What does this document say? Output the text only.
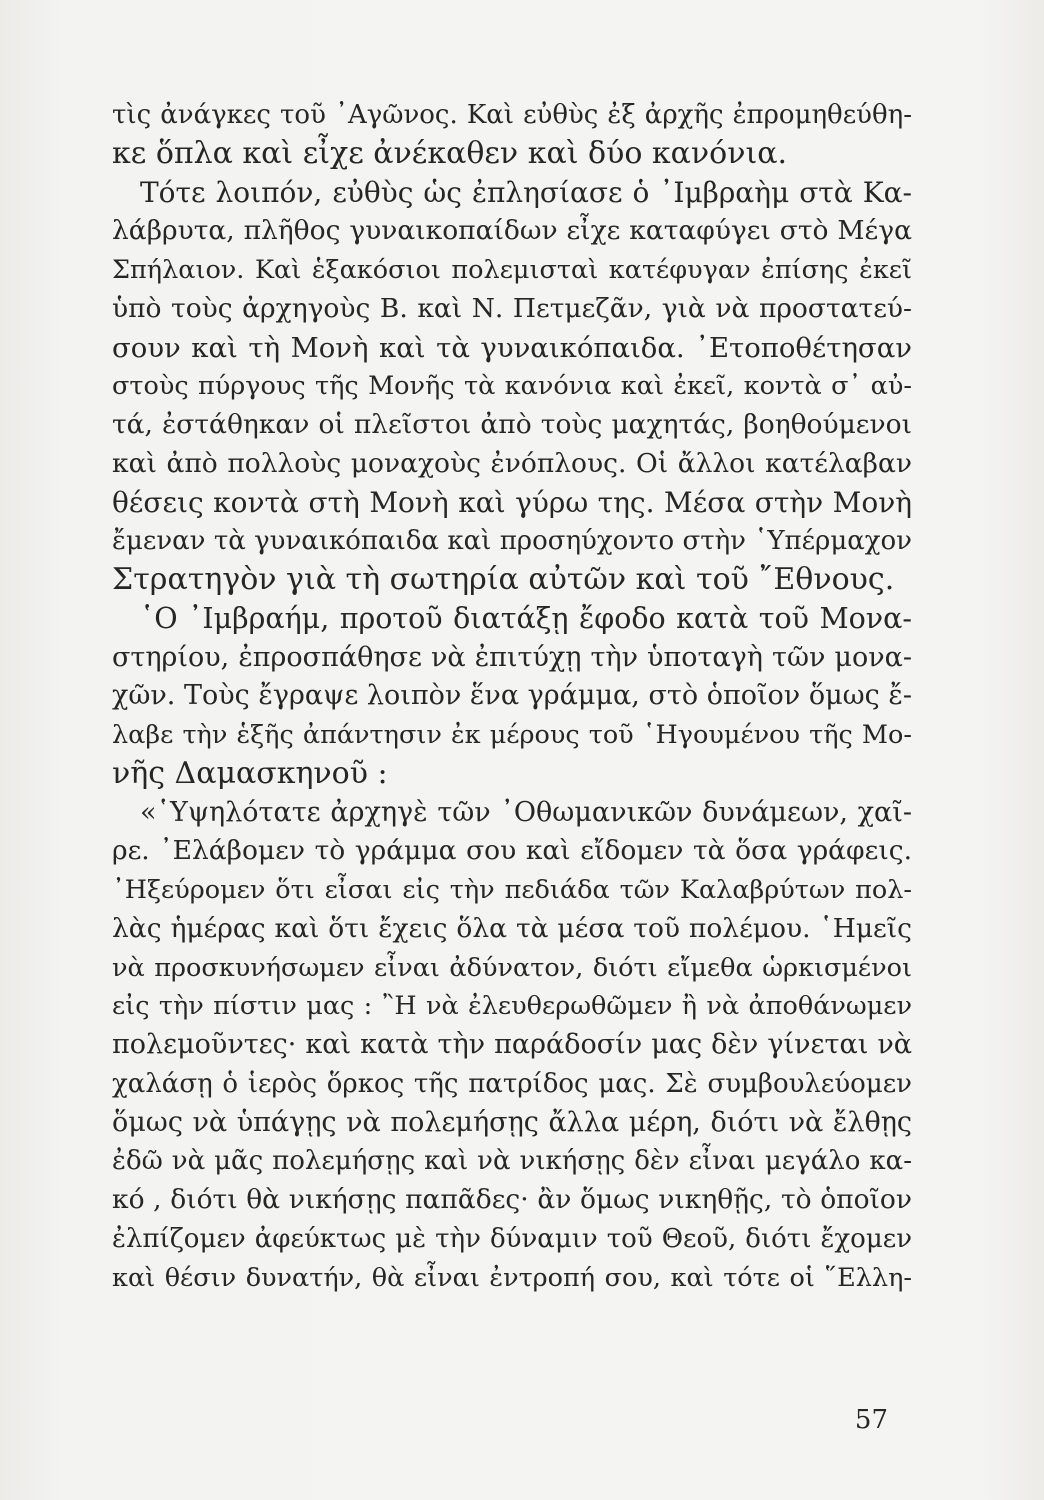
τὶς ἀνάγκες τοῦ ᾿Αγῶνος. Καὶ εὐθὺς ἐξ ἀρχῆς ἐπρομηθεύθη-
κε ὅπλα καὶ εἶχε ἀνέκαθεν καὶ δύο κανόνια.
Τότε λοιπόν, εὐθὺς ὡς ἐπλησίασε ὁ ᾿Ιμβραὴμ στὰ Κα-
λάβρυτα, πλῆθος γυναικοπαίδων εἶχε καταφύγει στὸ Μέγα
Σπήλαιον. Καὶ ἑξακόσιοι πολεμισταὶ κατέφυγαν ἐπίσης ἐκεῖ
ὑπὸ τοὺς ἀρχηγοὺς Β. καὶ Ν. Πετμεζᾶν, γιὰ νὰ προστατεύ-
σουν καὶ τὴ Μονὴ καὶ τὰ γυναικόπαιδα. ᾿Ετοποθέτησαν
στοὺς πύργους τῆς Μονῆς τὰ κανόνια καὶ ἐκεῖ, κοντὰ σ᾿ αὐ-
τά, ἐστάθηκαν οἱ πλεῖστοι ἀπὸ τοὺς μαχητάς, βοηθούμενοι
καὶ ἀπὸ πολλοὺς μοναχοὺς ἐνόπλους. Οἱ ἄλλοι κατέλαβαν
θέσεις κοντὰ στὴ Μονὴ καὶ γύρω της. Μέσα στὴν Μονὴ
ἔμεναν τὰ γυναικόπαιδα καὶ προσηύχοντο στὴν ῾Υπέρμαχον
Στρατηγὸν γιὰ τὴ σωτηρία αὐτῶν καὶ τοῦ ῎Εθνους.
῾Ο ᾿Ιμβραήμ, προτοῦ διατάξῃ ἔφοδο κατὰ τοῦ Μονα-
στηρίου, ἐπροσπάθησε νὰ ἐπιτύχῃ τὴν ὑποταγὴ τῶν μονα-
χῶν. Τοὺς ἔγραψε λοιπὸν ἕνα γράμμα, στὸ ὁποῖον ὅμως ἔ-
λαβε τὴν ἑξῆς ἀπάντησιν ἐκ μέρους τοῦ ῾Ηγουμένου τῆς Μο-
νῆς Δαμασκηνοῦ :
«῾Υψηλότατε ἀρχηγὲ τῶν ᾿Οθωμανικῶν δυνάμεων, χαῖ-
ρε. ᾿Ελάβομεν τὸ γράμμα σου καὶ εἴδομεν τὰ ὅσα γράφεις.
᾿Ηξεύρομεν ὅτι εἶσαι εἰς τὴν πεδιάδα τῶν Καλαβρύτων πολ-
λὰς ἡμέρας καὶ ὅτι ἔχεις ὅλα τὰ μέσα τοῦ πολέμου. ῾Ημεῖς
νὰ προσκυνήσωμεν εἶναι ἀδύνατον, διότι εἴμεθα ὡρκισμένοι
εἰς τὴν πίστιν μας : ῍Η νὰ ἐλευθερωθῶμεν ἢ νὰ ἀποθάνωμεν
πολεμοῦντες· καὶ κατὰ τὴν παράδοσίν μας δὲν γίνεται νὰ
χαλάσῃ ὁ ἱερὸς ὅρκος τῆς πατρίδος μας. Σὲ συμβουλεύομεν
ὅμως νὰ ὑπάγῃς νὰ πολεμήσῃς ἄλλα μέρη, διότι νὰ ἔλθῃς
ἐδῶ νὰ μᾶς πολεμήσῃς καὶ νὰ νικήσῃς δὲν εἶναι μεγάλο κα-
κό , διότι θὰ νικήσῃς παπᾶδες· ἂν ὅμως νικηθῇς, τὸ ὁποῖον
ἐλπίζομεν ἀφεύκτως μὲ τὴν δύναμιν τοῦ Θεοῦ, διότι ἔχομεν
καὶ θέσιν δυνατήν, θὰ εἶναι ἐντροπή σου, καὶ τότε οἱ ῞Ελλη-
57
